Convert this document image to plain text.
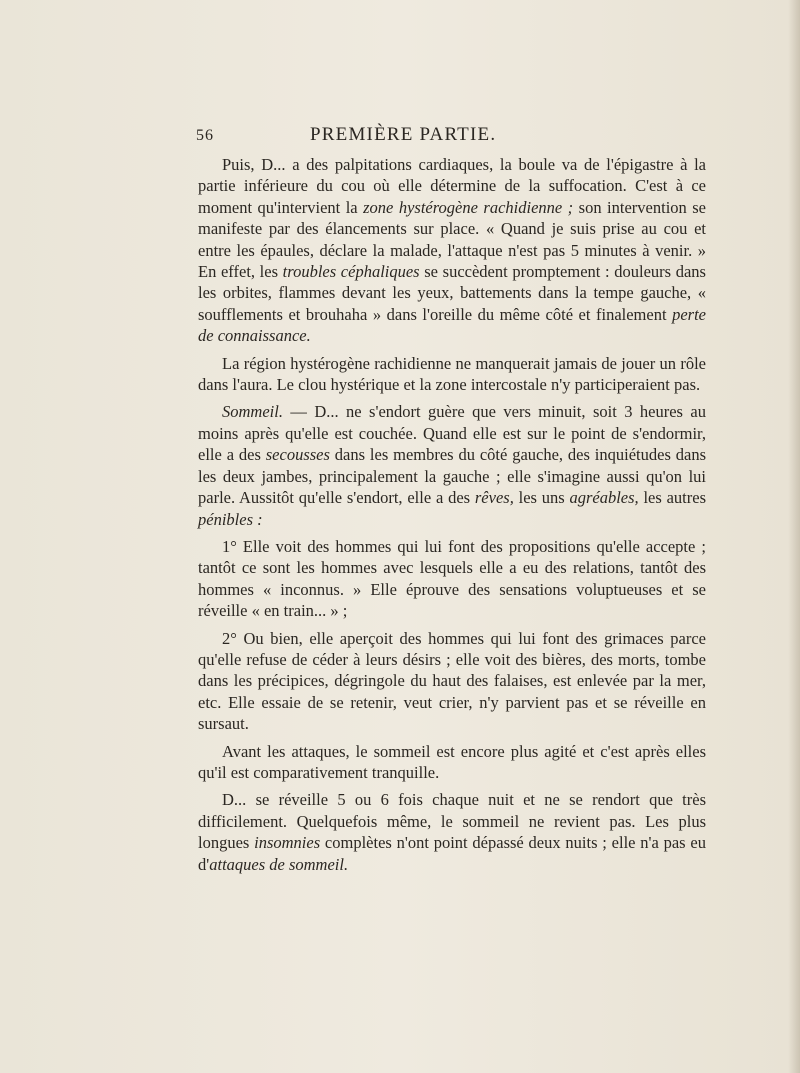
56	PREMIÈRE PARTIE.

Puis, D... a des palpitations cardiaques, la boule va de l'épigastre à la partie inférieure du cou où elle détermine de la suffocation. C'est à ce moment qu'intervient la zone hystérogène rachidienne ; son intervention se manifeste par des élancements sur place. « Quand je suis prise au cou et entre les épaules, déclare la malade, l'attaque n'est pas 5 minutes à venir. » En effet, les troubles céphaliques se succèdent promptement : douleurs dans les orbites, flammes devant les yeux, battements dans la tempe gauche, « soufflements et brouhaha » dans l'oreille du même côté et finalement perte de connaissance.

La région hystérogène rachidienne ne manquerait jamais de jouer un rôle dans l'aura. Le clou hystérique et la zone intercostale n'y participeraient pas.

Sommeil. — D... ne s'endort guère que vers minuit, soit 3 heures au moins après qu'elle est couchée. Quand elle est sur le point de s'endormir, elle a des secousses dans les membres du côté gauche, des inquiétudes dans les deux jambes, principalement la gauche ; elle s'imagine aussi qu'on lui parle. Aussitôt qu'elle s'endort, elle a des rêves, les uns agréables, les autres pénibles :

1° Elle voit des hommes qui lui font des propositions qu'elle accepte ; tantôt ce sont les hommes avec lesquels elle a eu des relations, tantôt des hommes « inconnus. » Elle éprouve des sensations voluptueuses et se réveille « en train... » ;

2° Ou bien, elle aperçoit des hommes qui lui font des grimaces parce qu'elle refuse de céder à leurs désirs ; elle voit des bières, des morts, tombe dans les précipices, dégringole du haut des falaises, est enlevée par la mer, etc. Elle essaie de se retenir, veut crier, n'y parvient pas et se réveille en sursaut.

Avant les attaques, le sommeil est encore plus agité et c'est après elles qu'il est comparativement tranquille.

D... se réveille 5 ou 6 fois chaque nuit et ne se rendort que très difficilement. Quelquefois même, le sommeil ne revient pas. Les plus longues insomnies complètes n'ont point dépassé deux nuits ; elle n'a pas eu d'attaques de sommeil.
